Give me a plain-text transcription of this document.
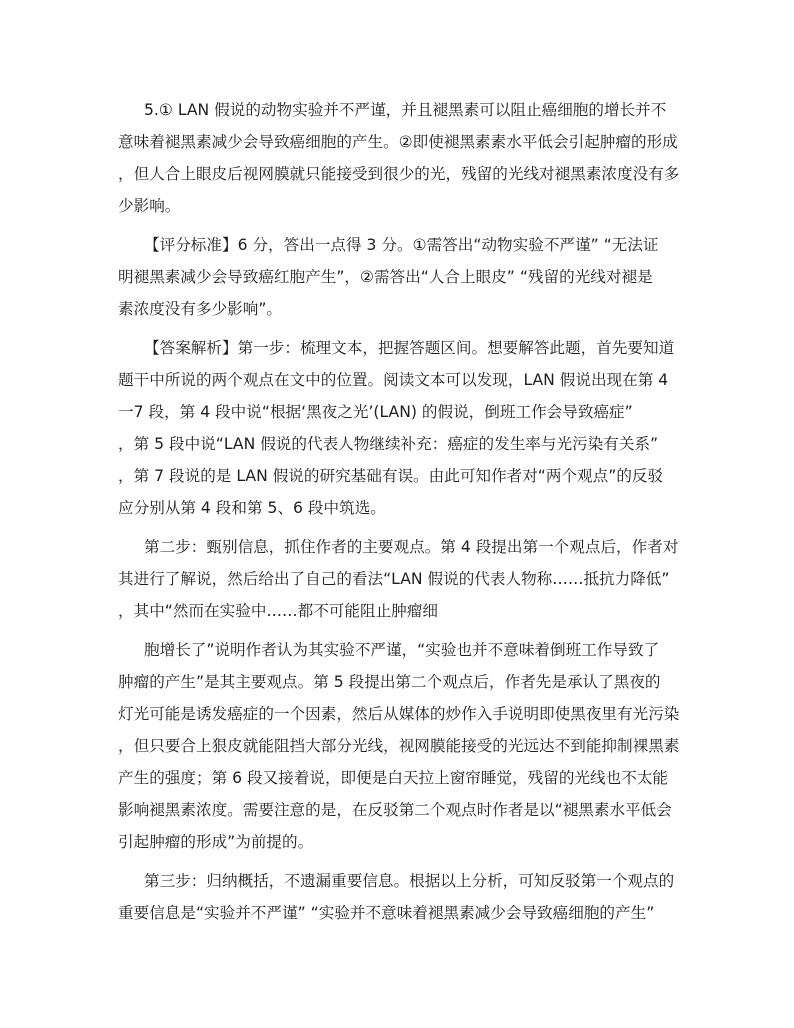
5.① LAN 假说的动物实验并不严谨，并且褪黑素可以阻止癌细胞的增长并不
意味着褪黑素减少会导致癌细胞的产生。②即使褪黑素素水平低会引起肿瘤的形成
，但人合上眼皮后视网膜就只能接受到很少的光，残留的光线对褪黑素浓度没有多
少影响。
【评分标准】6 分，答出一点得 3 分。①需答出“动物实验不严谨” “无法证
明褪黑素减少会导致癌红胞产生”，②需答出“人合上眼皮” “残留的光线对褪是
素浓度没有多少影响”。
【答案解析】第一步：梳理文本，把握答题区间。想要解答此题，首先要知道
题干中所说的两个观点在文中的位置。阅读文本可以发现，LAN 假说出现在第 4
一7 段，第 4 段中说“根据‘黑夜之光’(LAN) 的假说，倒班工作会导致癌症”
，第 5 段中说“LAN 假说的代表人物继续补充：癌症的发生率与光污染有关系”
，第 7 段说的是 LAN 假说的研究基础有误。由此可知作者对“两个观点”的反驳
应分别从第 4 段和第 5、6 段中筑选。
第二步：甄别信息，抓住作者的主要观点。第 4 段提出第一个观点后，作者对
其进行了解说，然后给出了自己的看法“LAN 假说的代表人物称……抵抗力降低”
，其中“然而在实验中……都不可能阻止肿瘤细
胞增长了”说明作者认为其实验不严谨，“实验也并不意味着倒班工作导致了
肿瘤的产生”是其主要观点。第 5 段提出第二个观点后，作者先是承认了黑夜的
灯光可能是诱发癌症的一个因素，然后从媒体的炒作入手说明即使黑夜里有光污染
，但只要合上狠皮就能阻挡大部分光线，视网膜能接受的光远达不到能抑制裸黑素
产生的强度；第 6 段又接着说，即便是白天拉上窗帘睡觉，残留的光线也不太能
影响褪黑素浓度。需要注意的是，在反驳第二个观点时作者是以“褪黑素水平低会
引起肿瘤的形成”为前提的。
第三步：归纳概括，不遗漏重要信息。根据以上分析，可知反驳第一个观点的
重要信息是“实验并不严谨” “实验并不意味着褪黑素减少会导致癌细胞的产生”
